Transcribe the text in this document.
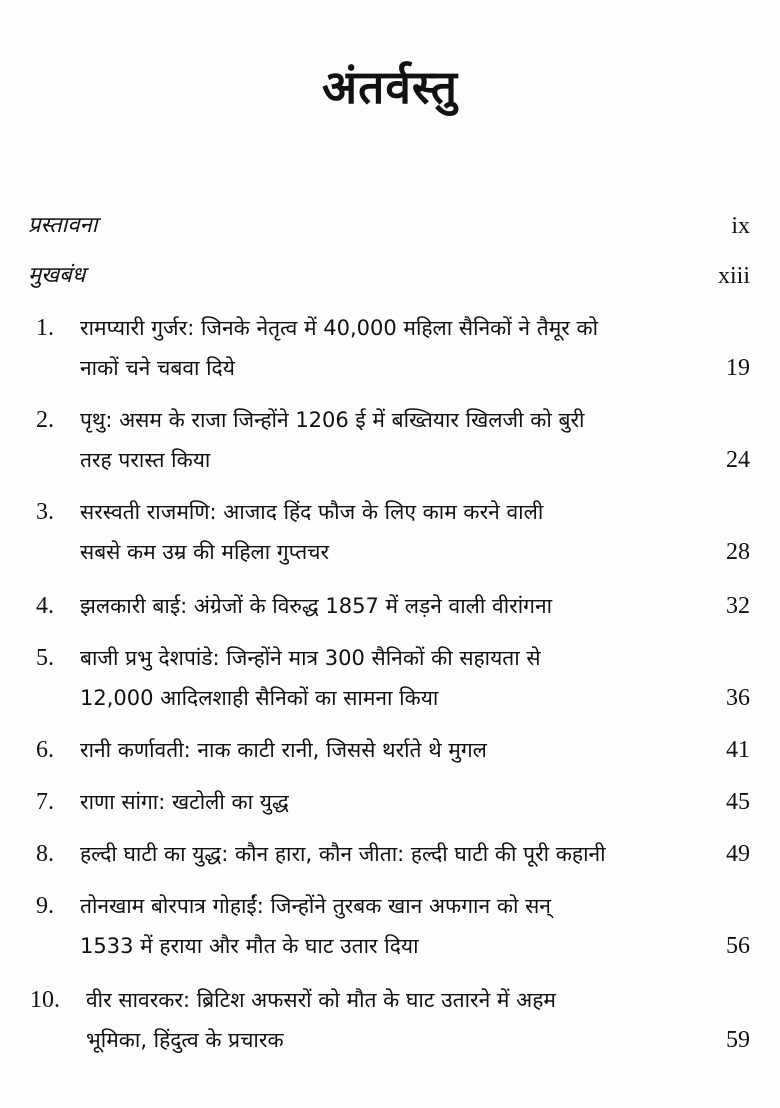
अंतर्वस्तु
प्रस्तावना	ix
मुखबंध	xiii
1. रामप्यारी गुर्जर: जिनके नेतृत्व में 40,000 महिला सैनिकों ने तैमूर को
नाकों चने चबवा दिये	19
2. पृथु: असम के राजा जिन्होंने 1206 ई में बख्तियार खिलजी को बुरी
तरह परास्त किया	24
3. सरस्वती राजमणि: आजाद हिंद फौज के लिए काम करने वाली
सबसे कम उम्र की महिला गुप्तचर	28
4. झलकारी बाई: अंग्रेजों के विरुद्ध 1857 में लड़ने वाली वीरांगना	32
5. बाजी प्रभु देशपांडे: जिन्होंने मात्र 300 सैनिकों की सहायता से
12,000 आदिलशाही सैनिकों का सामना किया	36
6. रानी कर्णावती: नाक काटी रानी, जिससे थर्राते थे मुगल	41
7. राणा सांगा: खटोली का युद्ध	45
8. हल्दी घाटी का युद्ध: कौन हारा, कौन जीता: हल्दी घाटी की पूरी कहानी	49
9. तोनखाम बोरपात्र गोहाईं: जिन्होंने तुरबक खान अफगान को सन्
1533 में हराया और मौत के घाट उतार दिया	56
10. वीर सावरकर: ब्रिटिश अफसरों को मौत के घाट उतारने में अहम
भूमिका, हिंदुत्व के प्रचारक	59
